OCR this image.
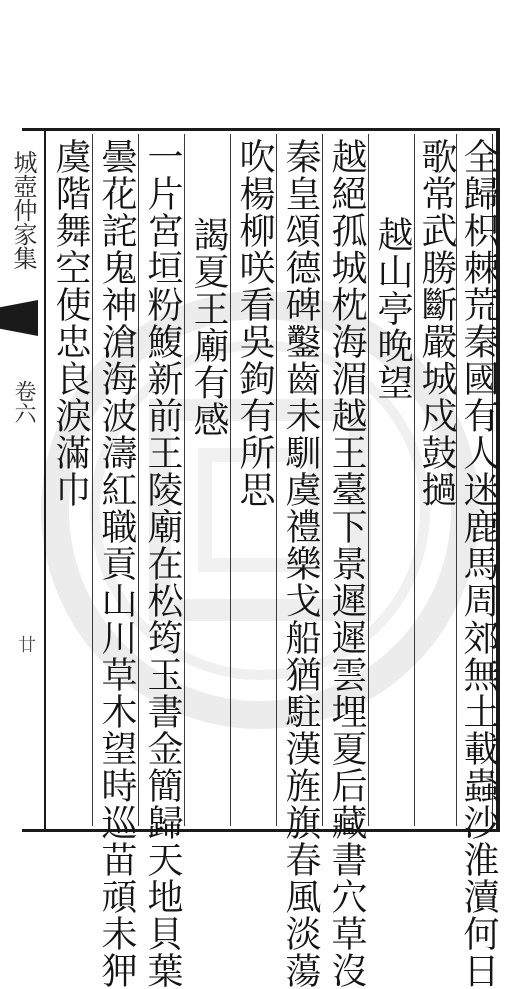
城壺仲家集
卷六
廿	全歸枳棘荒秦國有人迷鹿馬周郊無土載蟲沙淮瀆何日
歌常武勝斷嚴城戍鼓撾
越山亭晚望
越絕孤城枕海湄越王臺下景遲遲雲埋夏后藏書穴草沒
秦皇頌德碑鑿齒未馴虞禮樂戈船猶駐漢旌旗春風淡蕩
吹楊柳咲看吳鉤有所思
謁夏王廟有感
一片宮垣粉鰒新前王陵廟在松筠玉書金簡歸天地貝葉
曇花詫鬼神滄海波濤紅職貢山川草木望時巡苗頑未狎
虞階舞空使忠良淚滿巾
